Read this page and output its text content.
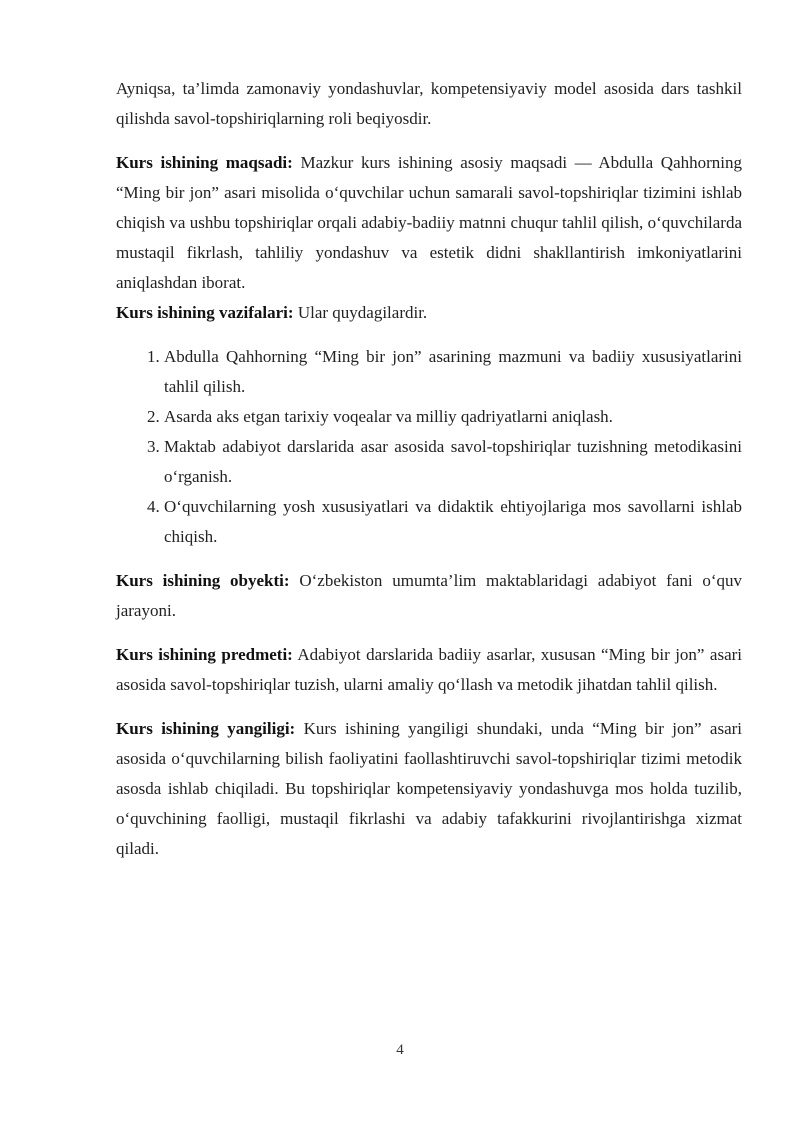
Ayniqsa, ta’limda zamonaviy yondashuvlar, kompetensiyaviy model asosida dars tashkil qilishda savol-topshiriqlarning roli beqiyosdir.

Kurs ishining maqsadi: Mazkur kurs ishining asosiy maqsadi — Abdulla Qahhorning “Ming bir jon” asari misolida o‘quvchilar uchun samarali savol-topshiriqlar tizimini ishlab chiqish va ushbu topshiriqlar orqali adabiy-badiiy matnni chuqur tahlil qilish, o‘quvchilarda mustaqil fikrlash, tahliliy yondashuv va estetik didni shakllantirish imkoniyatlarini aniqlashdan iborat.

Kurs ishining vazifalari: Ular quydagilardir.

1. Abdulla Qahhorning “Ming bir jon” asarining mazmuni va badiiy xususiyatlarini tahlil qilish.
2. Asarda aks etgan tarixiy voqealar va milliy qadriyatlarni aniqlash.
3. Maktab adabiyot darslarida asar asosida savol-topshiriqlar tuzishning metodikasini o‘rganish.
4. O‘quvchilarning yosh xususiyatlari va didaktik ehtiyojlariga mos savollarni ishlab chiqish.

Kurs ishining obyekti: O‘zbekiston umumta’lim maktablaridagi adabiyot fani o‘quv jarayoni.

Kurs ishining predmeti: Adabiyot darslarida badiiy asarlar, xususan “Ming bir jon” asari asosida savol-topshiriqlar tuzish, ularni amaliy qo‘llash va metodik jihatdan tahlil qilish.

Kurs ishining yangiligi: Kurs ishining yangiligi shundaki, unda “Ming bir jon” asari asosida o‘quvchilarning bilish faoliyatini faollashtiruvchi savol-topshiriqlar tizimi metodik asosda ishlab chiqiladi. Bu topshiriqlar kompetensiyaviy yondashuvga mos holda tuzilib, o‘quvchining faolligi, mustaqil fikrlashi va adabiy tafakkurini rivojlantirishga xizmat qiladi.

4
